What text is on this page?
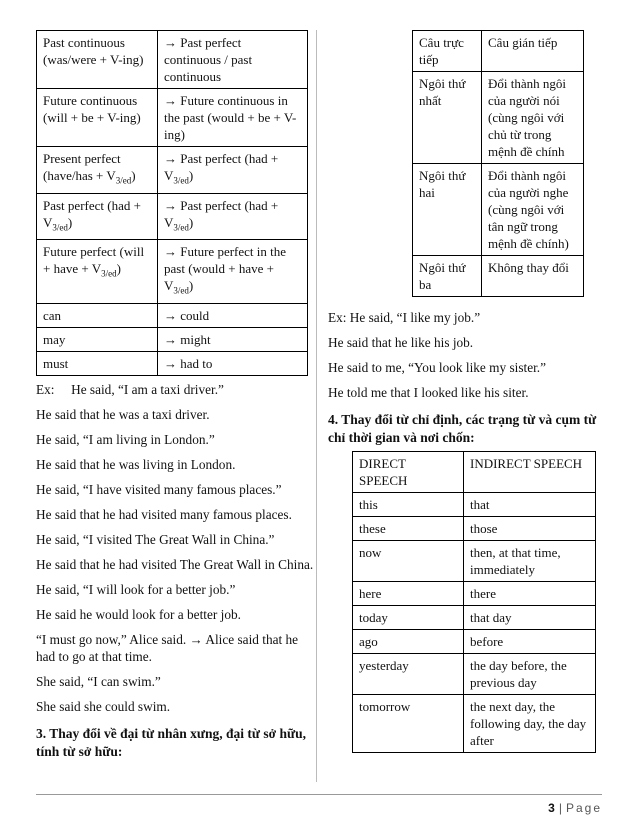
Past continuous (was/were + V-ing)	→ Past perfect continuous / past continuous
Future continuous (will + be + V-ing)	→ Future continuous in the past (would + be + V-ing)
Present perfect (have/has + $V_{3/ed}$)	→ Past perfect $(had + V_{3/ed})$
Past perfect $(had + V_{3/ed})$	→ Past perfect $(had + V_{3/ed})$
Future perfect (will + have + $V_{3/ed}$)	→ Future perfect in the past (would + have + $V_{3/ed}$)
can	→ could
may	→ might
must	→ had to

Ex:     He said, “I am a taxi driver.”

He said that he was a taxi driver.

He said, “I am living in London.”

He said that he was living in London.

He said, “I have visited many famous places.”

He said that he had visited many famous places.

He said, “I visited The Great Wall in China.”

He said that he had visited The Great Wall in China.

He said, “I will look for a better job.”

He said he would look for a better job.

“I must go now,” Alice said. → Alice said that he had to go at that time.

She said, “I can swim.”

She said she could swim.

3. Thay đổi về đại từ nhân xưng, đại từ sở hữu, tính từ sở hữu:

Câu trực tiếp	Câu gián tiếp
Ngôi thứ nhất	Đổi thành ngôi của người nói (cùng ngôi với chủ từ trong mệnh đề chính
Ngôi thứ hai	Đổi thành ngôi của người nghe (cùng ngôi với tân ngữ trong mệnh đề chính)
Ngôi thứ ba	Không thay đổi

Ex: He said, “I like my job.”

He said that he like his job.

He said to me, “You look like my sister.”

He told me that I looked like his siter.

4. Thay đổi từ chỉ định, các trạng từ và cụm từ chỉ thời gian và nơi chốn:

DIRECT SPEECH	INDIRECT SPEECH
this	that
these	those
now	then, at that time, immediately
here	there
today	that day
ago	before
yesterday	the day before, the previous day
tomorrow	the next day, the following day, the day after
3 | Page
